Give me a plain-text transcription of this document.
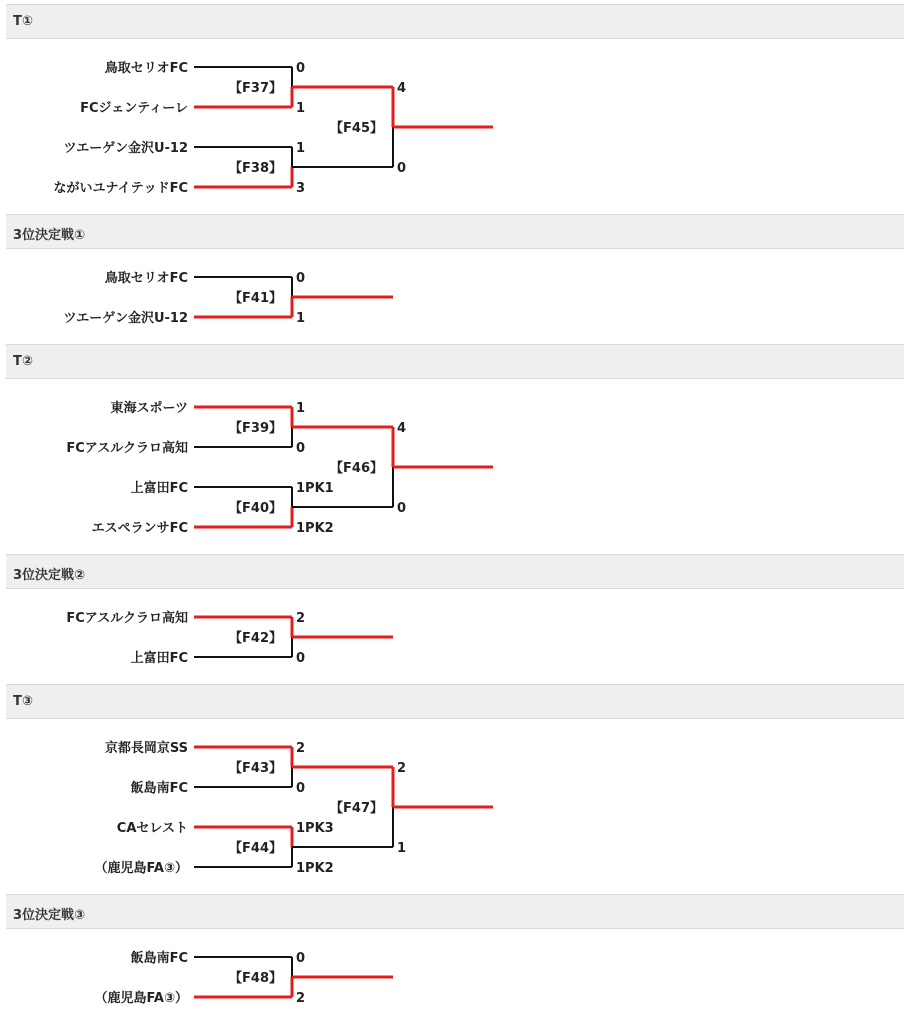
T①
3位決定戦①
T②
3位決定戦②
T③
3位決定戦③
鳥取セリオFC	0
FCジェンティーレ	1
【F37】
ツエーゲン金沢U-12	1
ながいユナイテッドFC	3
【F38】
4
0
【F45】
鳥取セリオFC	0
ツエーゲン金沢U-12	1
【F41】
東海スポーツ	1
FCアスルクラロ高知	0
【F39】
上富田FC	1PK1
エスペランサFC	1PK2
【F40】
4
0
【F46】
FCアスルクラロ高知	2
上富田FC	0
【F42】
京都長岡京SS	2
飯島南FC	0
【F43】
CAセレスト	1PK3
（鹿児島FA③）	1PK2
【F44】
2
1
【F47】
飯島南FC	0
（鹿児島FA③）	2
【F48】
